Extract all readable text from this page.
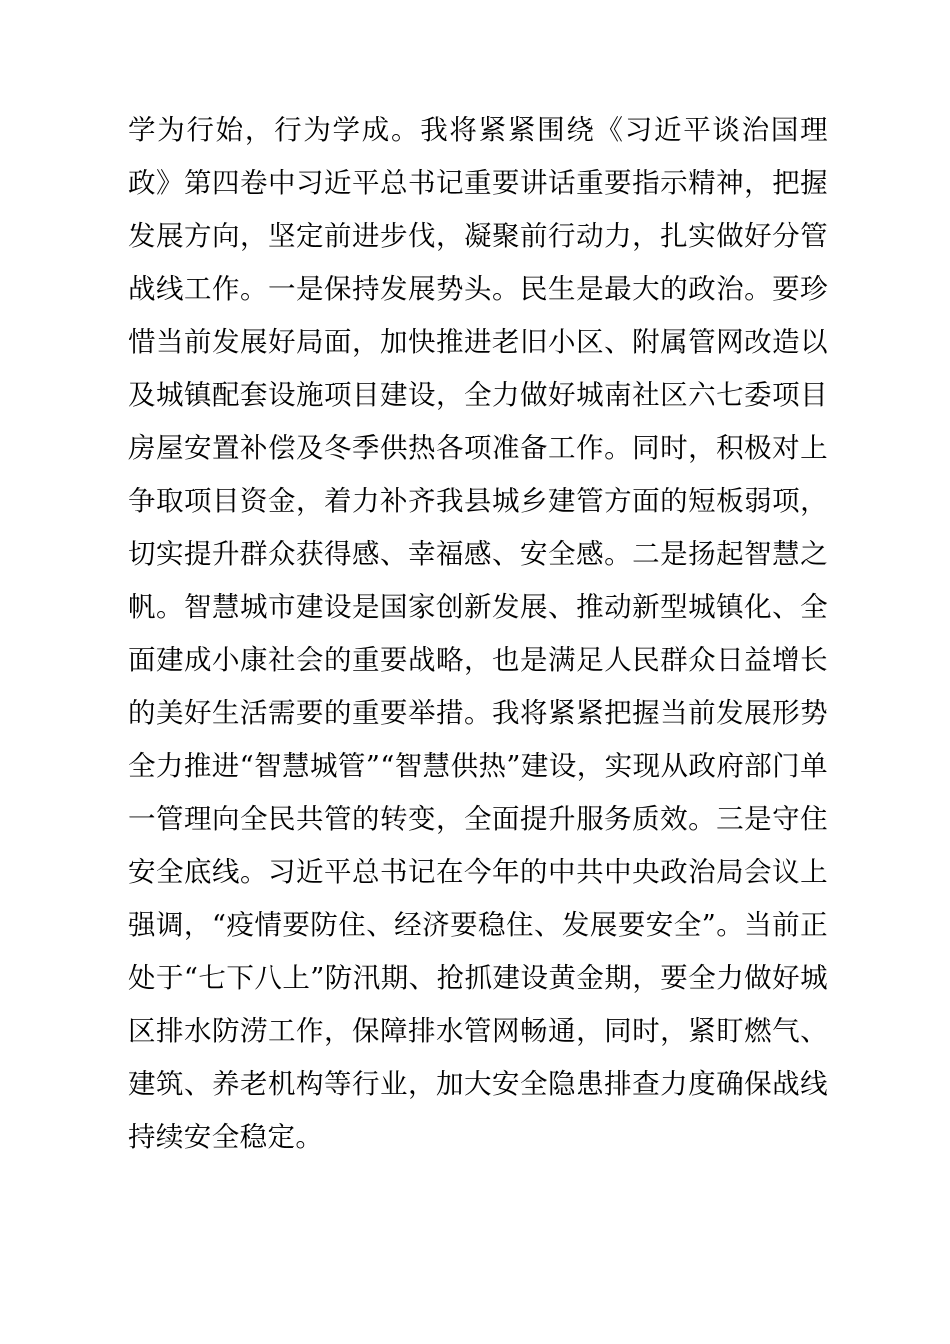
学为行始，行为学成。我将紧紧围绕《习近平谈治国理政》第四卷中习近平总书记重要讲话重要指示精神，把握发展方向，坚定前进步伐，凝聚前行动力，扎实做好分管战线工作。一是保持发展势头。民生是最大的政治。要珍惜当前发展好局面，加快推进老旧小区、附属管网改造以及城镇配套设施项目建设，全力做好城南社区六七委项目房屋安置补偿及冬季供热各项准备工作。同时，积极对上争取项目资金，着力补齐我县城乡建管方面的短板弱项，切实提升群众获得感、幸福感、安全感。二是扬起智慧之帆。智慧城市建设是国家创新发展、推动新型城镇化、全面建成小康社会的重要战略，也是满足人民群众日益增长的美好生活需要的重要举措。我将紧紧把握当前发展形势全力推进“智慧城管”“智慧供热”建设，实现从政府部门单一管理向全民共管的转变，全面提升服务质效。三是守住安全底线。习近平总书记在今年的中共中央政治局会议上强调，“疫情要防住、经济要稳住、发展要安全”。当前正处于“七下八上”防汛期、抢抓建设黄金期，要全力做好城区排水防涝工作，保障排水管网畅通，同时，紧盯燃气、建筑、养老机构等行业，加大安全隐患排查力度确保战线持续安全稳定。
